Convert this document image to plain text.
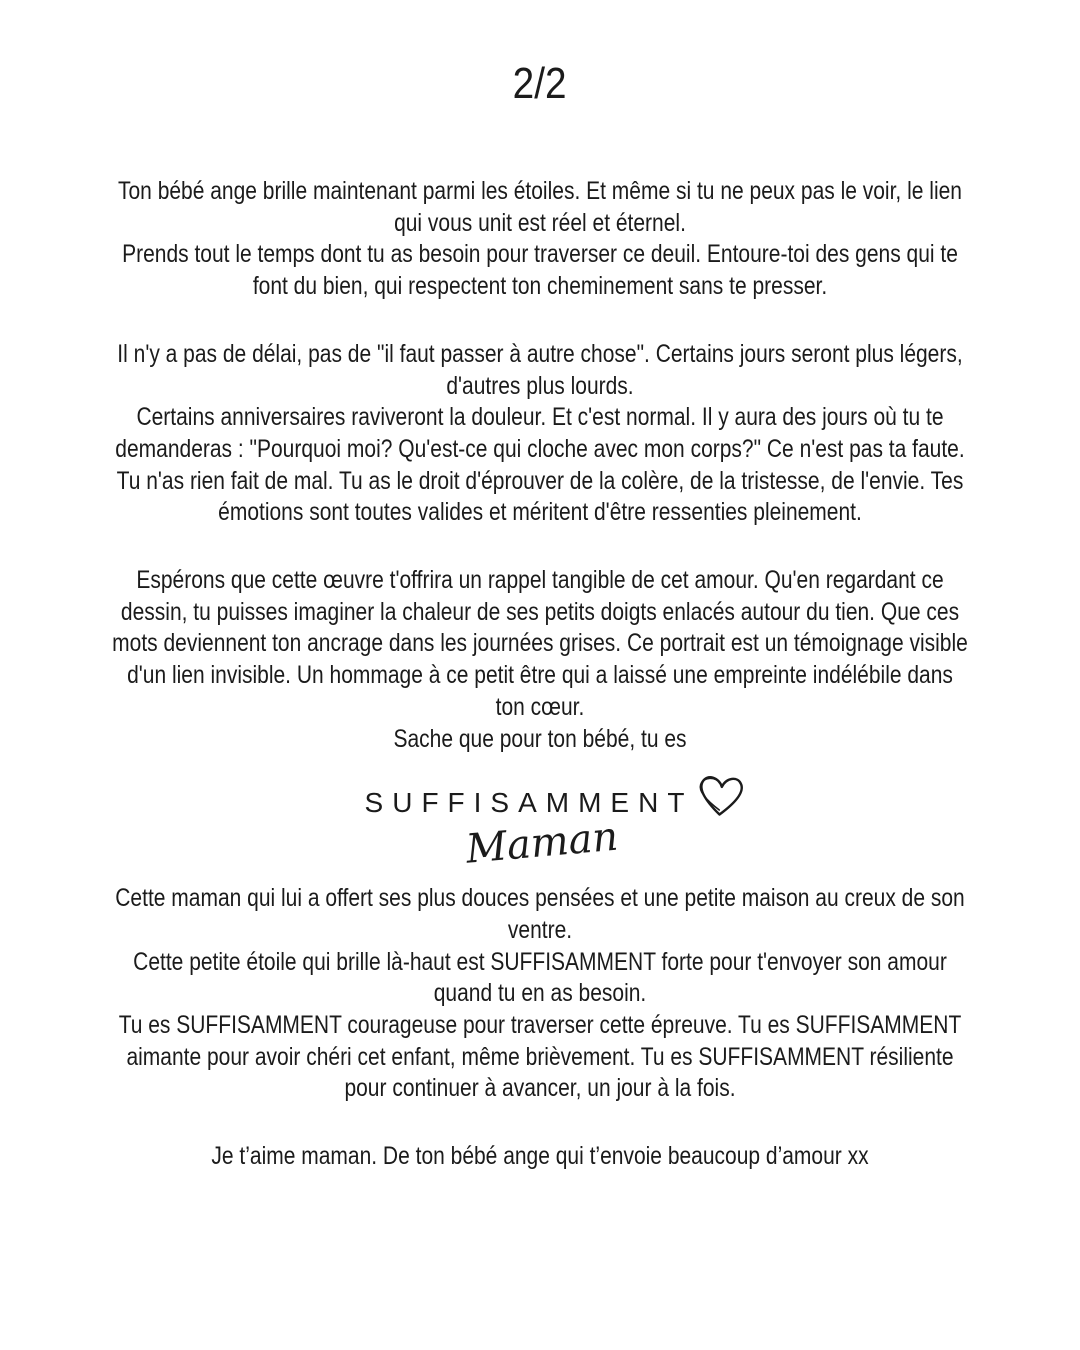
2/2
Ton bébé ange brille maintenant parmi les étoiles. Et même si tu ne peux pas le voir, le lien
qui vous unit est réel et éternel.
Prends tout le temps dont tu as besoin pour traverser ce deuil. Entoure-toi des gens qui te
font du bien, qui respectent ton cheminement sans te presser.
Il n'y a pas de délai, pas de "il faut passer à autre chose". Certains jours seront plus légers,
d'autres plus lourds.
Certains anniversaires raviveront la douleur. Et c'est normal. Il y aura des jours où tu te
demanderas : "Pourquoi moi? Qu'est-ce qui cloche avec mon corps?" Ce n'est pas ta faute.
Tu n'as rien fait de mal. Tu as le droit d'éprouver de la colère, de la tristesse, de l'envie. Tes
émotions sont toutes valides et méritent d'être ressenties pleinement.
Espérons que cette œuvre t'offrira un rappel tangible de cet amour. Qu'en regardant ce
dessin, tu puisses imaginer la chaleur de ses petits doigts enlacés autour du tien. Que ces
mots deviennent ton ancrage dans les journées grises. Ce portrait est un témoignage visible
d'un lien invisible. Un hommage à ce petit être qui a laissé une empreinte indélébile dans
ton cœur.
Sache que pour ton bébé, tu es
SUFFISAMMENT
Maman
Cette maman qui lui a offert ses plus douces pensées et une petite maison au creux de son
ventre.
Cette petite étoile qui brille là-haut est SUFFISAMMENT forte pour t'envoyer son amour
quand tu en as besoin.
Tu es SUFFISAMMENT courageuse pour traverser cette épreuve. Tu es SUFFISAMMENT
aimante pour avoir chéri cet enfant, même brièvement. Tu es SUFFISAMMENT résiliente
pour continuer à avancer, un jour à la fois.
Je t’aime maman. De ton bébé ange qui t’envoie beaucoup d’amour xx
